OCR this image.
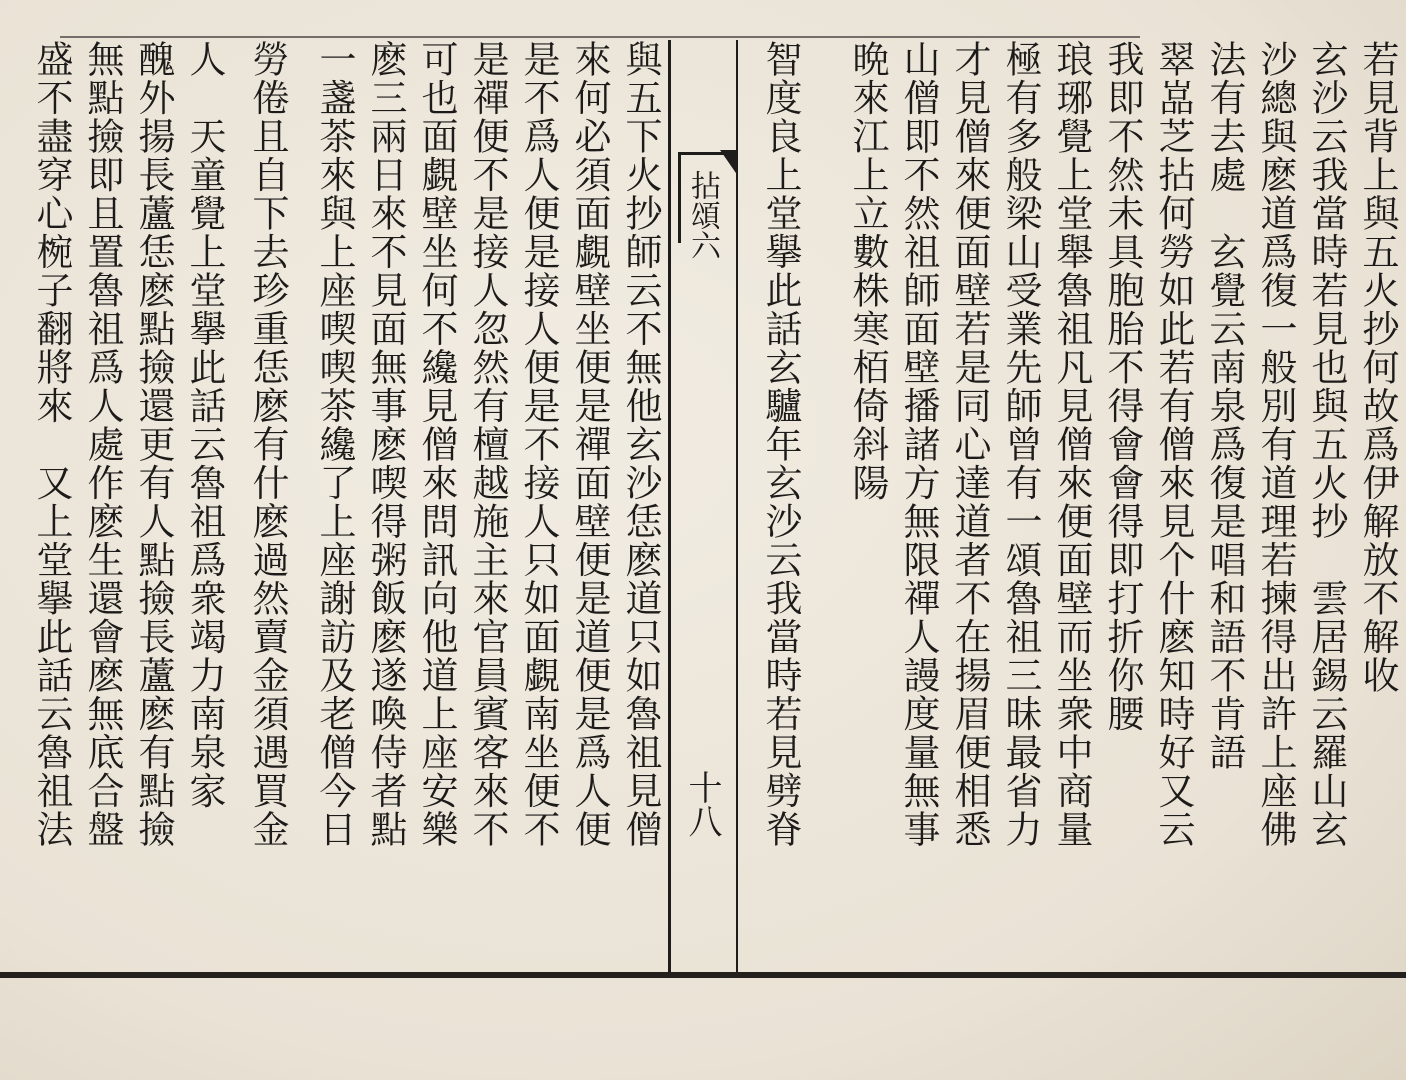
拈頌六
十八
若見背上與五火抄何故爲伊解放不解收
玄沙云我當時若見也與五火抄　雲居錫云羅山玄
沙總與麽道爲復一般別有道理若揀得出許上座佛
法有去處　玄覺云南泉爲復是唱和語不肯語
翠嵓芝拈何勞如此若有僧來見个什麽知時好又云
我即不然未具胞胎不得會會得即打折你腰
琅琊覺上堂舉魯祖凡見僧來便面壁而坐衆中商量
極有多般梁山受業先師曾有一頌魯祖三昧最省力
才見僧來便面壁若是同心達道者不在揚眉便相悉
山僧即不然祖師面壁播諸方無限禪人謾度量無事
晩來江上立數株寒栢倚斜陽
智度良上堂擧此話玄驢年玄沙云我當時若見劈脊
與五下火抄師云不無他玄沙恁麽道只如魯祖見僧
來何必須面覷壁坐便是禪面壁便是道便是爲人便
是不爲人便是接人便是不接人只如面覷南坐便不
是禪便不是接人忽然有檀越施主來官員賓客來不
可也面覷壁坐何不纔見僧來問訊向他道上座安樂
麽三兩日來不見面無事麽喫得粥飯麽遂喚侍者點
一盞茶來與上座喫喫茶纔了上座謝訪及老僧今日
勞倦且自下去珍重恁麽有什麽過然賣金須遇買金
人　天童覺上堂擧此話云魯祖爲衆竭力南泉家
醜外揚長蘆恁麽點撿還更有人點撿長蘆麽有點撿
無點撿即且置魯祖爲人處作麽生還會麽無底合盤
盛不盡穿心椀子翻將來　又上堂擧此話云魯祖法
